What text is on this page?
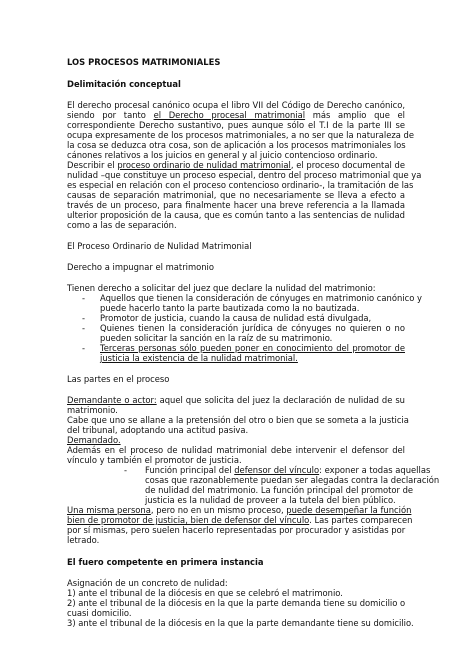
LOS PROCESOS MATRIMONIALES
Delimitación conceptual
El derecho procesal canónico ocupa el libro VII del Código de Derecho canónico,
siendo por tanto el Derecho procesal matrimonial más amplio que el
correspondiente Derecho sustantivo, pues aunque sólo el T.I de la parte III se
ocupa expresamente de los procesos matrimoniales, a no ser que la naturaleza de
la cosa se deduzca otra cosa, son de aplicación a los procesos matrimoniales los
cánones relativos a los juicios en general y al juicio contencioso ordinario.
Describir el proceso ordinario de nulidad matrimonial, el proceso documental de
nulidad –que constituye un proceso especial, dentro del proceso matrimonial que ya
es especial en relación con el proceso contencioso ordinario-, la tramitación de las
causas de separación matrimonial, que no necesariamente se lleva a efecto a
través de un proceso, para finalmente hacer una breve referencia a la llamada
ulterior proposición de la causa, que es común tanto a las sentencias de nulidad
como a las de separación.
El Proceso Ordinario de Nulidad Matrimonial
Derecho a impugnar el matrimonio
Tienen derecho a solicitar del juez que declare la nulidad del matrimonio:
- Aquellos que tienen la consideración de cónyuges en matrimonio canónico y
puede hacerlo tanto la parte bautizada como la no bautizada.
- Promotor de justicia, cuando la causa de nulidad está divulgada,
- Quienes tienen la consideración jurídica de cónyuges no quieren o no
pueden solicitar la sanción en la raíz de su matrimonio.
- Terceras personas sólo pueden poner en conocimiento del promotor de
justicia la existencia de la nulidad matrimonial.
Las partes en el proceso
Demandante o actor: aquel que solicita del juez la declaración de nulidad de su
matrimonio.
Cabe que uno se allane a la pretensión del otro o bien que se someta a la justicia
del tribunal, adoptando una actitud pasiva.
Demandado.
Además en el proceso de nulidad matrimonial debe intervenir el defensor del
vínculo y también el promotor de justicia.
- Función principal del defensor del vínculo: exponer a todas aquellas
cosas que razonablemente puedan ser alegadas contra la declaración
de nulidad del matrimonio. La función principal del promotor de
justicia es la nulidad de proveer a la tutela del bien público.
Una misma persona, pero no en un mismo proceso, puede desempeñar la función
bien de promotor de justicia, bien de defensor del vínculo. Las partes comparecen
por sí mismas, pero suelen hacerlo representadas por procurador y asistidas por
letrado.
El fuero competente en primera instancia
Asignación de un concreto de nulidad:
1) ante el tribunal de la diócesis en que se celebró el matrimonio.
2) ante el tribunal de la diócesis en la que la parte demanda tiene su domicilio o
cuasi domicilio.
3) ante el tribunal de la diócesis en la que la parte demandante tiene su domicilio.
